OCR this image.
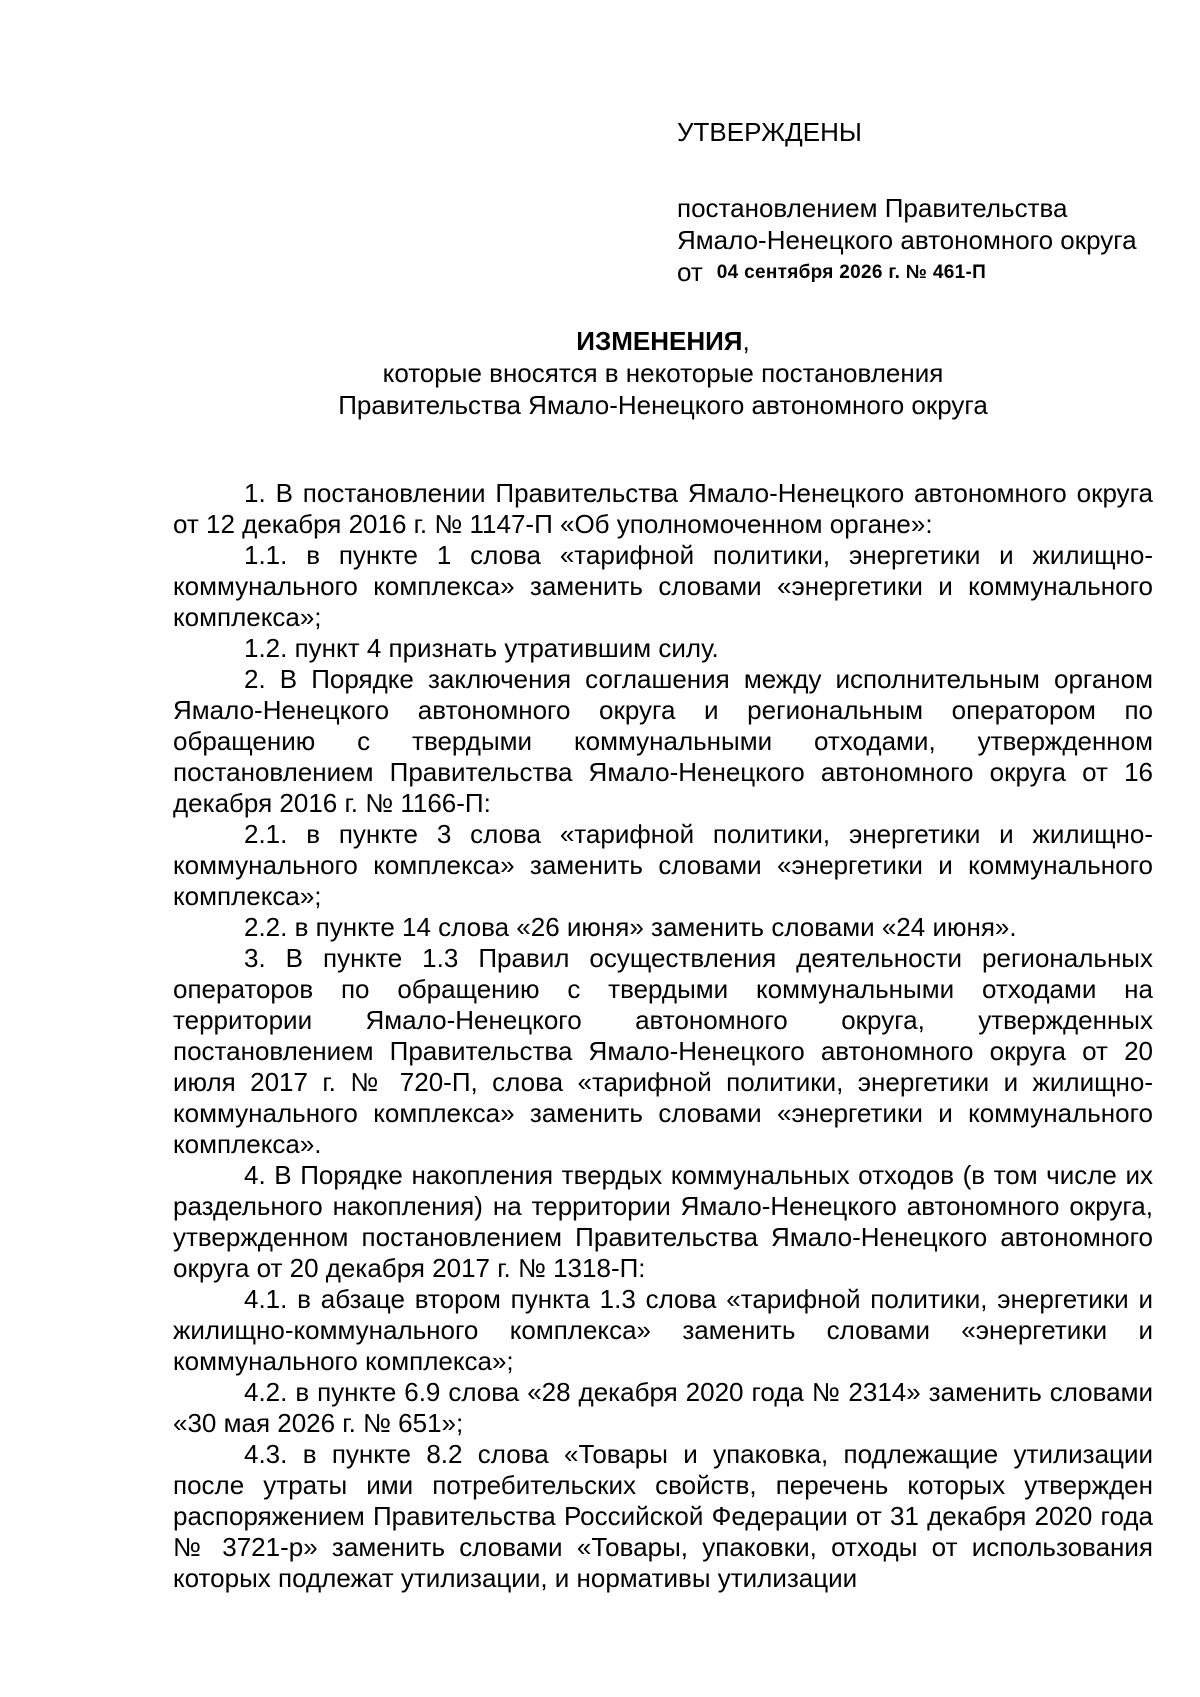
УТВЕРЖДЕНЫ
постановлением Правительства
Ямало-Ненецкого автономного округа
от 04 сентября 2026 г. № 461-П
ИЗМЕНЕНИЯ,
которые вносятся в некоторые постановления
Правительства Ямало-Ненецкого автономного округа

1. В постановлении Правительства Ямало-Ненецкого автономного округа от 12 декабря 2016 г. № 1147-П «Об уполномоченном органе»:

1.1. в пункте 1 слова «тарифной политики, энергетики и жилищно-коммунального комплекса» заменить словами «энергетики и коммунального комплекса»;

1.2. пункт 4 признать утратившим силу.

2. В Порядке заключения соглашения между исполнительным органом Ямало-Ненецкого автономного округа и региональным оператором по обращению с твердыми коммунальными отходами, утвержденном постановлением Правительства Ямало-Ненецкого автономного округа от 16 декабря 2016 г. № 1166-П:

2.1. в пункте 3 слова «тарифной политики, энергетики и жилищно-коммунального комплекса» заменить словами «энергетики и коммунального комплекса»;

2.2. в пункте 14 слова «26 июня» заменить словами «24 июня».

3. В пункте 1.3 Правил осуществления деятельности региональных операторов по обращению с твердыми коммунальными отходами на территории Ямало-Ненецкого автономного округа, утвержденных постановлением Правительства Ямало-Ненецкого автономного округа от 20 июля 2017 г. № 720-П, слова «тарифной политики, энергетики и жилищно-коммунального комплекса» заменить словами «энергетики и коммунального комплекса».

4. В Порядке накопления твердых коммунальных отходов (в том числе их раздельного накопления) на территории Ямало-Ненецкого автономного округа, утвержденном постановлением Правительства Ямало-Ненецкого автономного округа от 20 декабря 2017 г. № 1318-П:

4.1. в абзаце втором пункта 1.3 слова «тарифной политики, энергетики и жилищно-коммунального комплекса» заменить словами «энергетики и коммунального комплекса»;

4.2. в пункте 6.9 слова «28 декабря 2020 года № 2314» заменить словами «30 мая 2026 г. № 651»;

4.3. в пункте 8.2 слова «Товары и упаковка, подлежащие утилизации после утраты ими потребительских свойств, перечень которых утвержден распоряжением Правительства Российской Федерации от 31 декабря 2020 года № 3721-р» заменить словами «Товары, упаковки, отходы от использования которых подлежат утилизации, и нормативы утилизации
